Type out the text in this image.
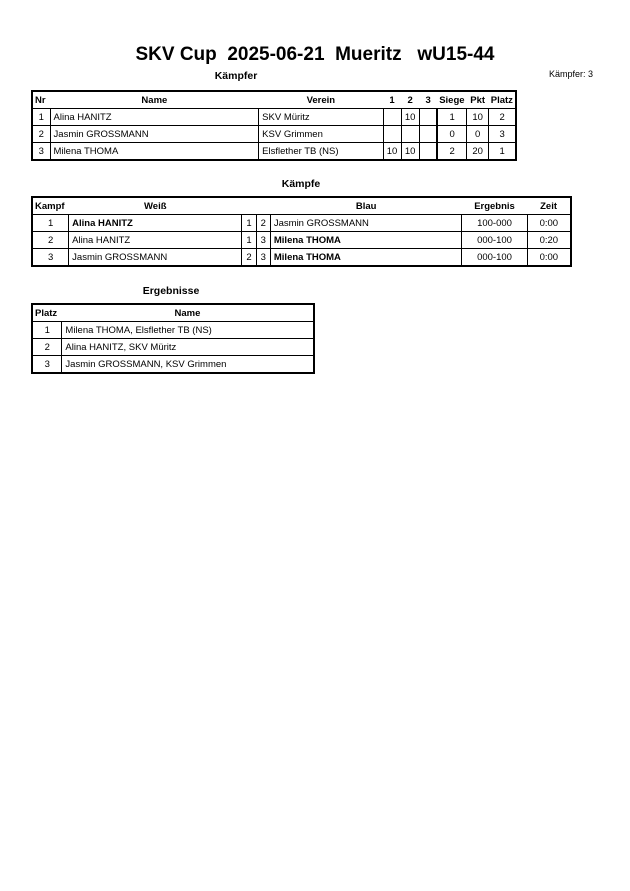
SKV Cup  2025-06-21  Mueritz   wU15-44
Kämpfer: 3
Kämpfer
Nr	Name	Verein	1	2	3	Siege	Pkt	Platz
1	Alina HANITZ	SKV Müritz		10		1	10	2
2	Jasmin GROSSMANN	KSV Grimmen				0	0	3
3	Milena THOMA	Elsflether TB (NS)	10	10		2	20	1
Kämpfe
Kampf	Weiß			Blau	Ergebnis	Zeit
1	Alina HANITZ	1	2	Jasmin GROSSMANN	100-000	0:00
2	Alina HANITZ	1	3	Milena THOMA	000-100	0:20
3	Jasmin GROSSMANN	2	3	Milena THOMA	000-100	0:00
Ergebnisse
Platz	Name
1	Milena THOMA, Elsflether TB (NS)
2	Alina HANITZ, SKV Müritz
3	Jasmin GROSSMANN, KSV Grimmen
